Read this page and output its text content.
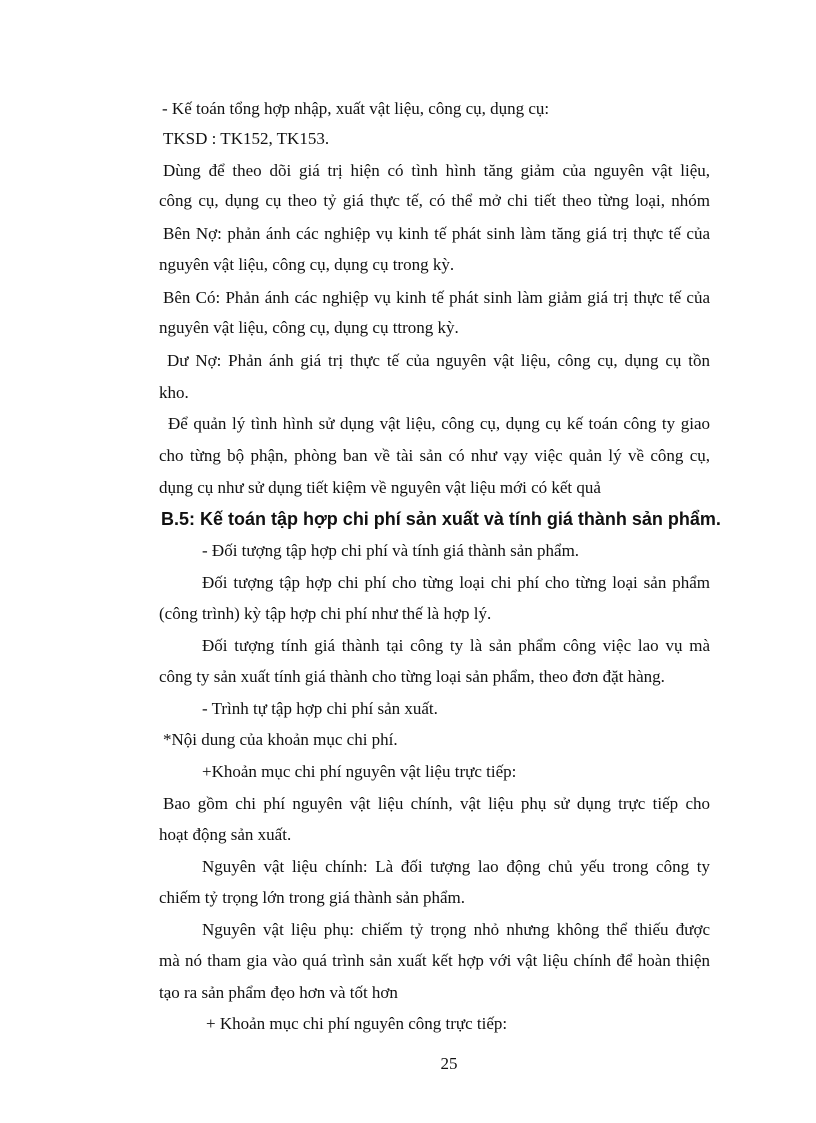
- Kế toán tổng hợp nhập, xuất vật liệu, công cụ, dụng cụ:

TKSD : TK152, TK153.

Dùng để theo dõi giá trị hiện có tình hình tăng giảm của nguyên vật liệu,

công cụ, dụng cụ theo tỷ giá thực tế, có thể mở chi tiết theo từng loại, nhóm

Bên Nợ: phản ánh các nghiệp vụ kinh tế phát sinh làm tăng giá trị thực tế của

nguyên vật liệu, công cụ, dụng cụ trong kỳ.

Bên Có: Phản ánh các nghiệp vụ kinh tế phát sinh làm giảm giá trị thực tế của

nguyên vật liệu, công cụ, dụng cụ ttrong kỳ.

Dư Nợ: Phản ánh giá trị thực tế của nguyên vật liệu, công cụ, dụng cụ tồn

kho.

Để quản lý tình hình sử dụng vật liệu, công cụ, dụng cụ kế toán công ty giao

cho từng bộ phận, phòng ban về tài sản có như vạy việc quản lý về công cụ,

dụng cụ như sử dụng tiết kiệm về nguyên vật liệu mới có kết quả

B.5: Kế toán tập hợp chi phí sản xuất và tính giá thành sản phẩm.

- Đối tượng tập hợp chi phí và tính giá thành sản phẩm.

Đối tượng tập hợp chi phí cho từng loại chi phí cho từng loại sản phẩm

(công trình) kỳ tập hợp chi phí như thế là hợp lý.

Đối tượng tính giá thành tại công ty là sản phẩm công việc lao vụ mà

công ty sản xuất tính giá thành cho từng loại sản phẩm, theo đơn đặt hàng.

- Trình tự tập hợp chi phí sản xuất.

*Nội dung của khoản mục chi phí.

+Khoản mục chi phí nguyên vật liệu trực tiếp:

Bao gồm chi phí nguyên vật liệu chính, vật liệu phụ sử dụng trực tiếp cho

hoạt động sản xuất.

Nguyên vật liệu chính: Là đối tượng lao động chủ yếu trong công ty

chiếm tỷ trọng lớn trong giá thành sản phẩm.

Nguyên vật liệu phụ: chiếm tỷ trọng nhỏ nhưng không thể thiếu được

mà nó tham gia vào quá trình sản xuất kết hợp với vật liệu chính để hoàn thiện

tạo ra sản phẩm đẹo hơn và tốt hơn

+ Khoản mục chi phí nguyên công trực tiếp:

25
